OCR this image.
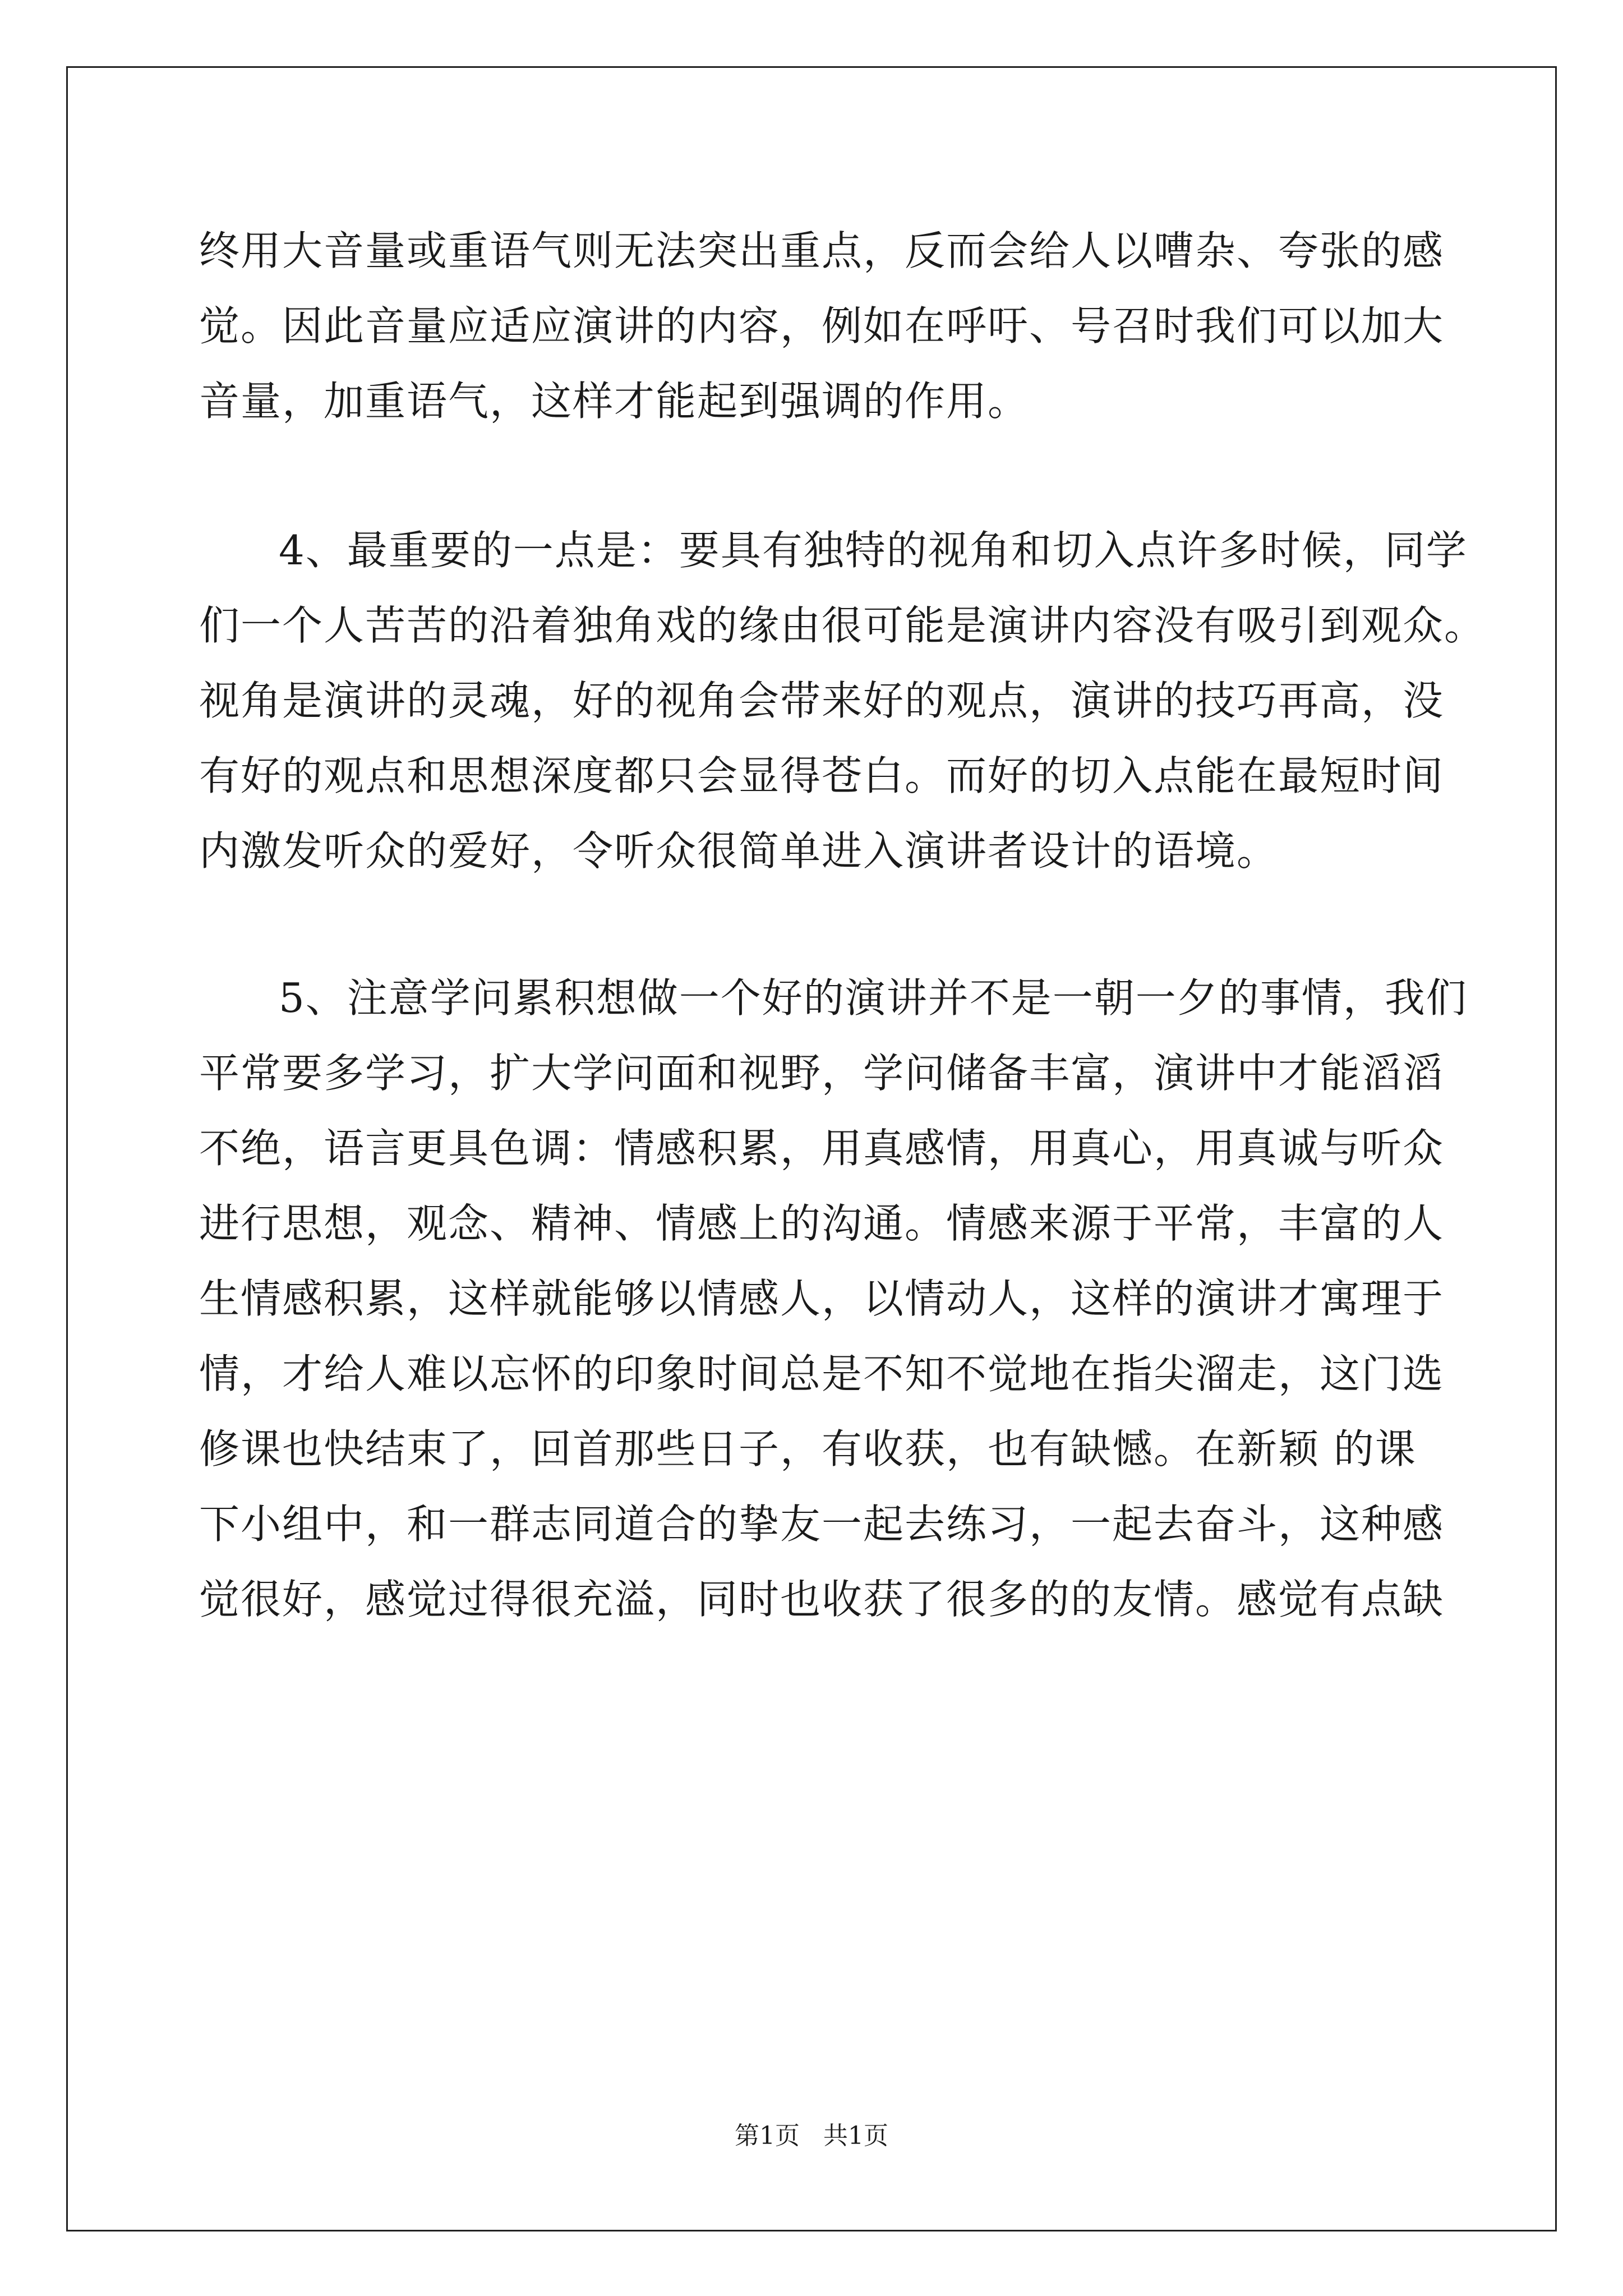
终用大音量或重语气则无法突出重点，反而会给人以嘈杂、夸张的感
觉。因此音量应适应演讲的内容，例如在呼吁、号召时我们可以加大
音量，加重语气，这样才能起到强调的作用。
4、最重要的一点是：要具有独特的视角和切入点许多时候，同学
们一个人苦苦的沿着独角戏的缘由很可能是演讲内容没有吸引到观众。
视角是演讲的灵魂，好的视角会带来好的观点，演讲的技巧再高，没
有好的观点和思想深度都只会显得苍白。而好的切入点能在最短时间
内激发听众的爱好，令听众很简单进入演讲者设计的语境。
5、注意学问累积想做一个好的演讲并不是一朝一夕的事情，我们
平常要多学习，扩大学问面和视野，学问储备丰富，演讲中才能滔滔
不绝，语言更具色调：情感积累，用真感情，用真心，用真诚与听众
进行思想，观念、精神、情感上的沟通。情感来源于平常，丰富的人
生情感积累，这样就能够以情感人，以情动人，这样的演讲才寓理于
情，才给人难以忘怀的印象时间总是不知不觉地在指尖溜走，这门选
修课也快结束了，回首那些日子，有收获，也有缺憾。在新颖 的课
下小组中，和一群志同道合的挚友一起去练习，一起去奋斗，这种感
觉很好，感觉过得很充溢，同时也收获了很多的的友情。感觉有点缺
第1页   共1页
